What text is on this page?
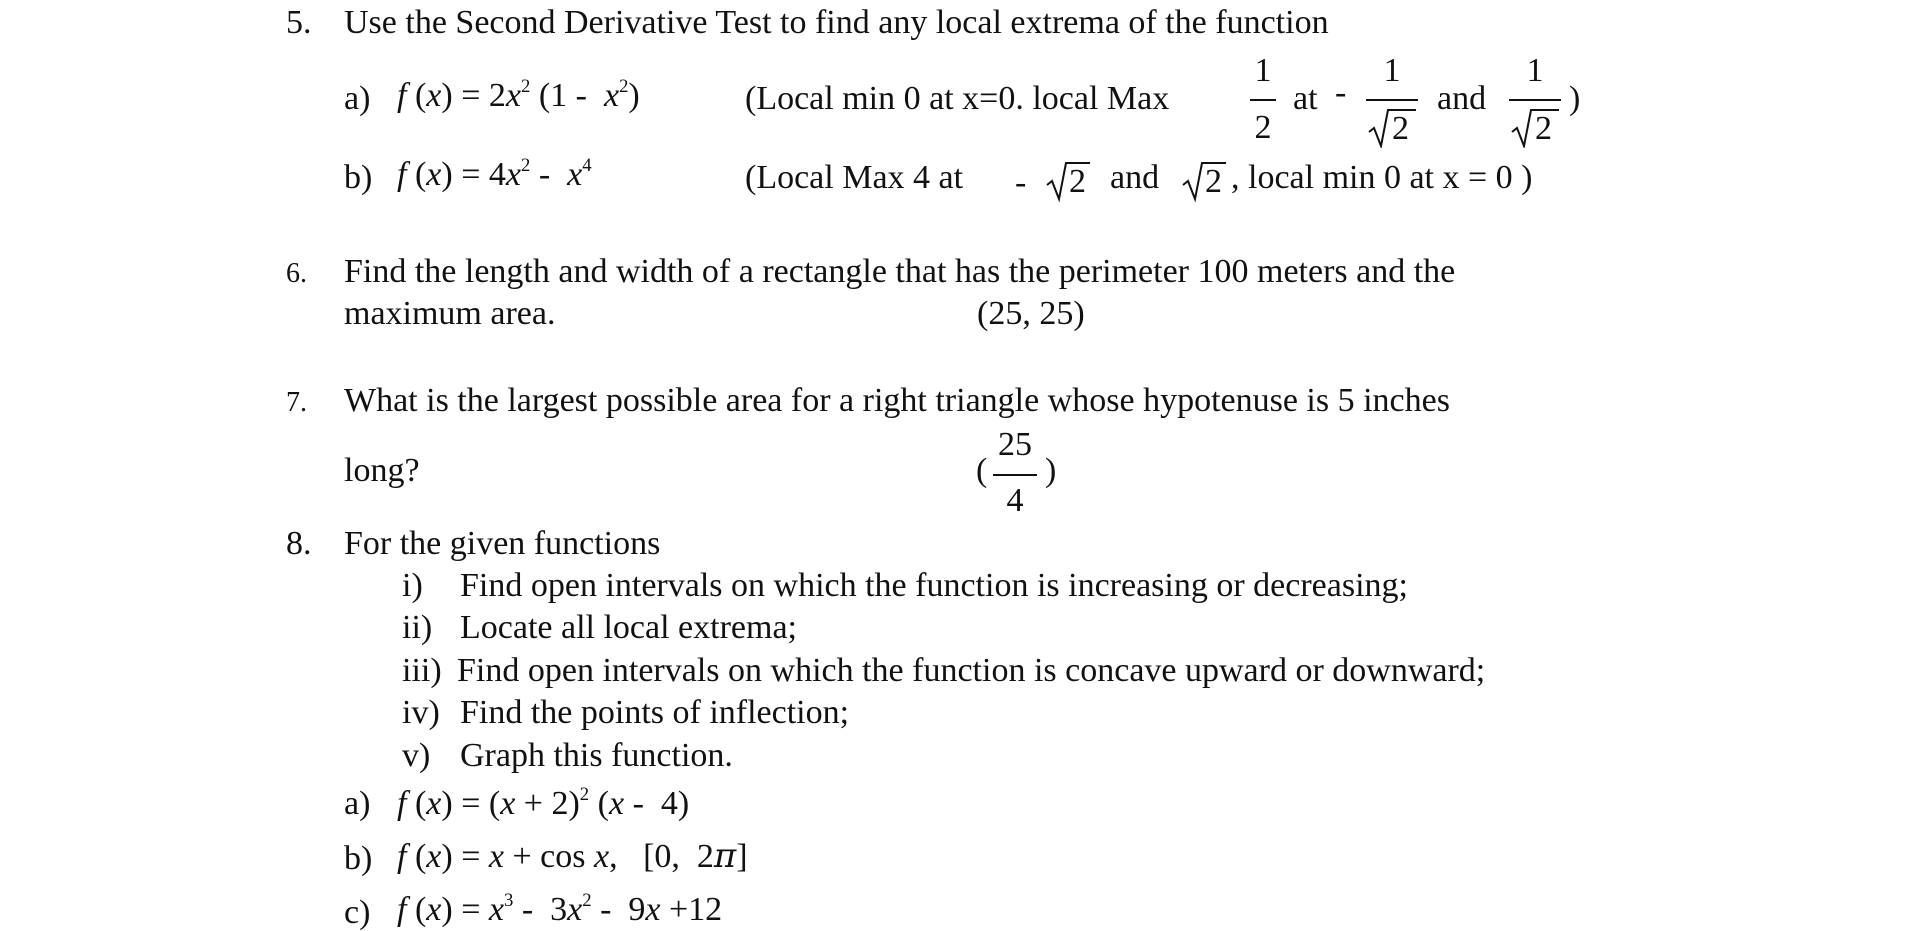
5. Use the Second Derivative Test to find any local extrema of the function
a) f $(x) = 2x^2$ $(1 - x^2)$	(Local min 0 at x=0. local Max
1
2
at -
1
2
and
1
2
)
b) f $(x) = 4x^2 - x^4$	(Local Max 4 at - 2 and 2 , local min 0 at x = 0 )
6. Find the length and width of a rectangle that has the perimeter 100 meters and the
maximum area.	(25, 25)
7. What is the largest possible area for a right triangle whose hypotenuse is 5 inches
long?	(
25
4
)
8. For the given functions
i) Find open intervals on which the function is increasing or decreasing;
ii) Locate all local extrema;
iii) Find open intervals on which the function is concave upward or downward;
iv) Find the points of inflection;
v) Graph this function.
a) f $(x) = (x + 2)^2$ (x -  4)
b) f (x) = x + cos x,   [0,  2π]
c) f $(x) = x^3 - 3x^2 - 9x +12$
